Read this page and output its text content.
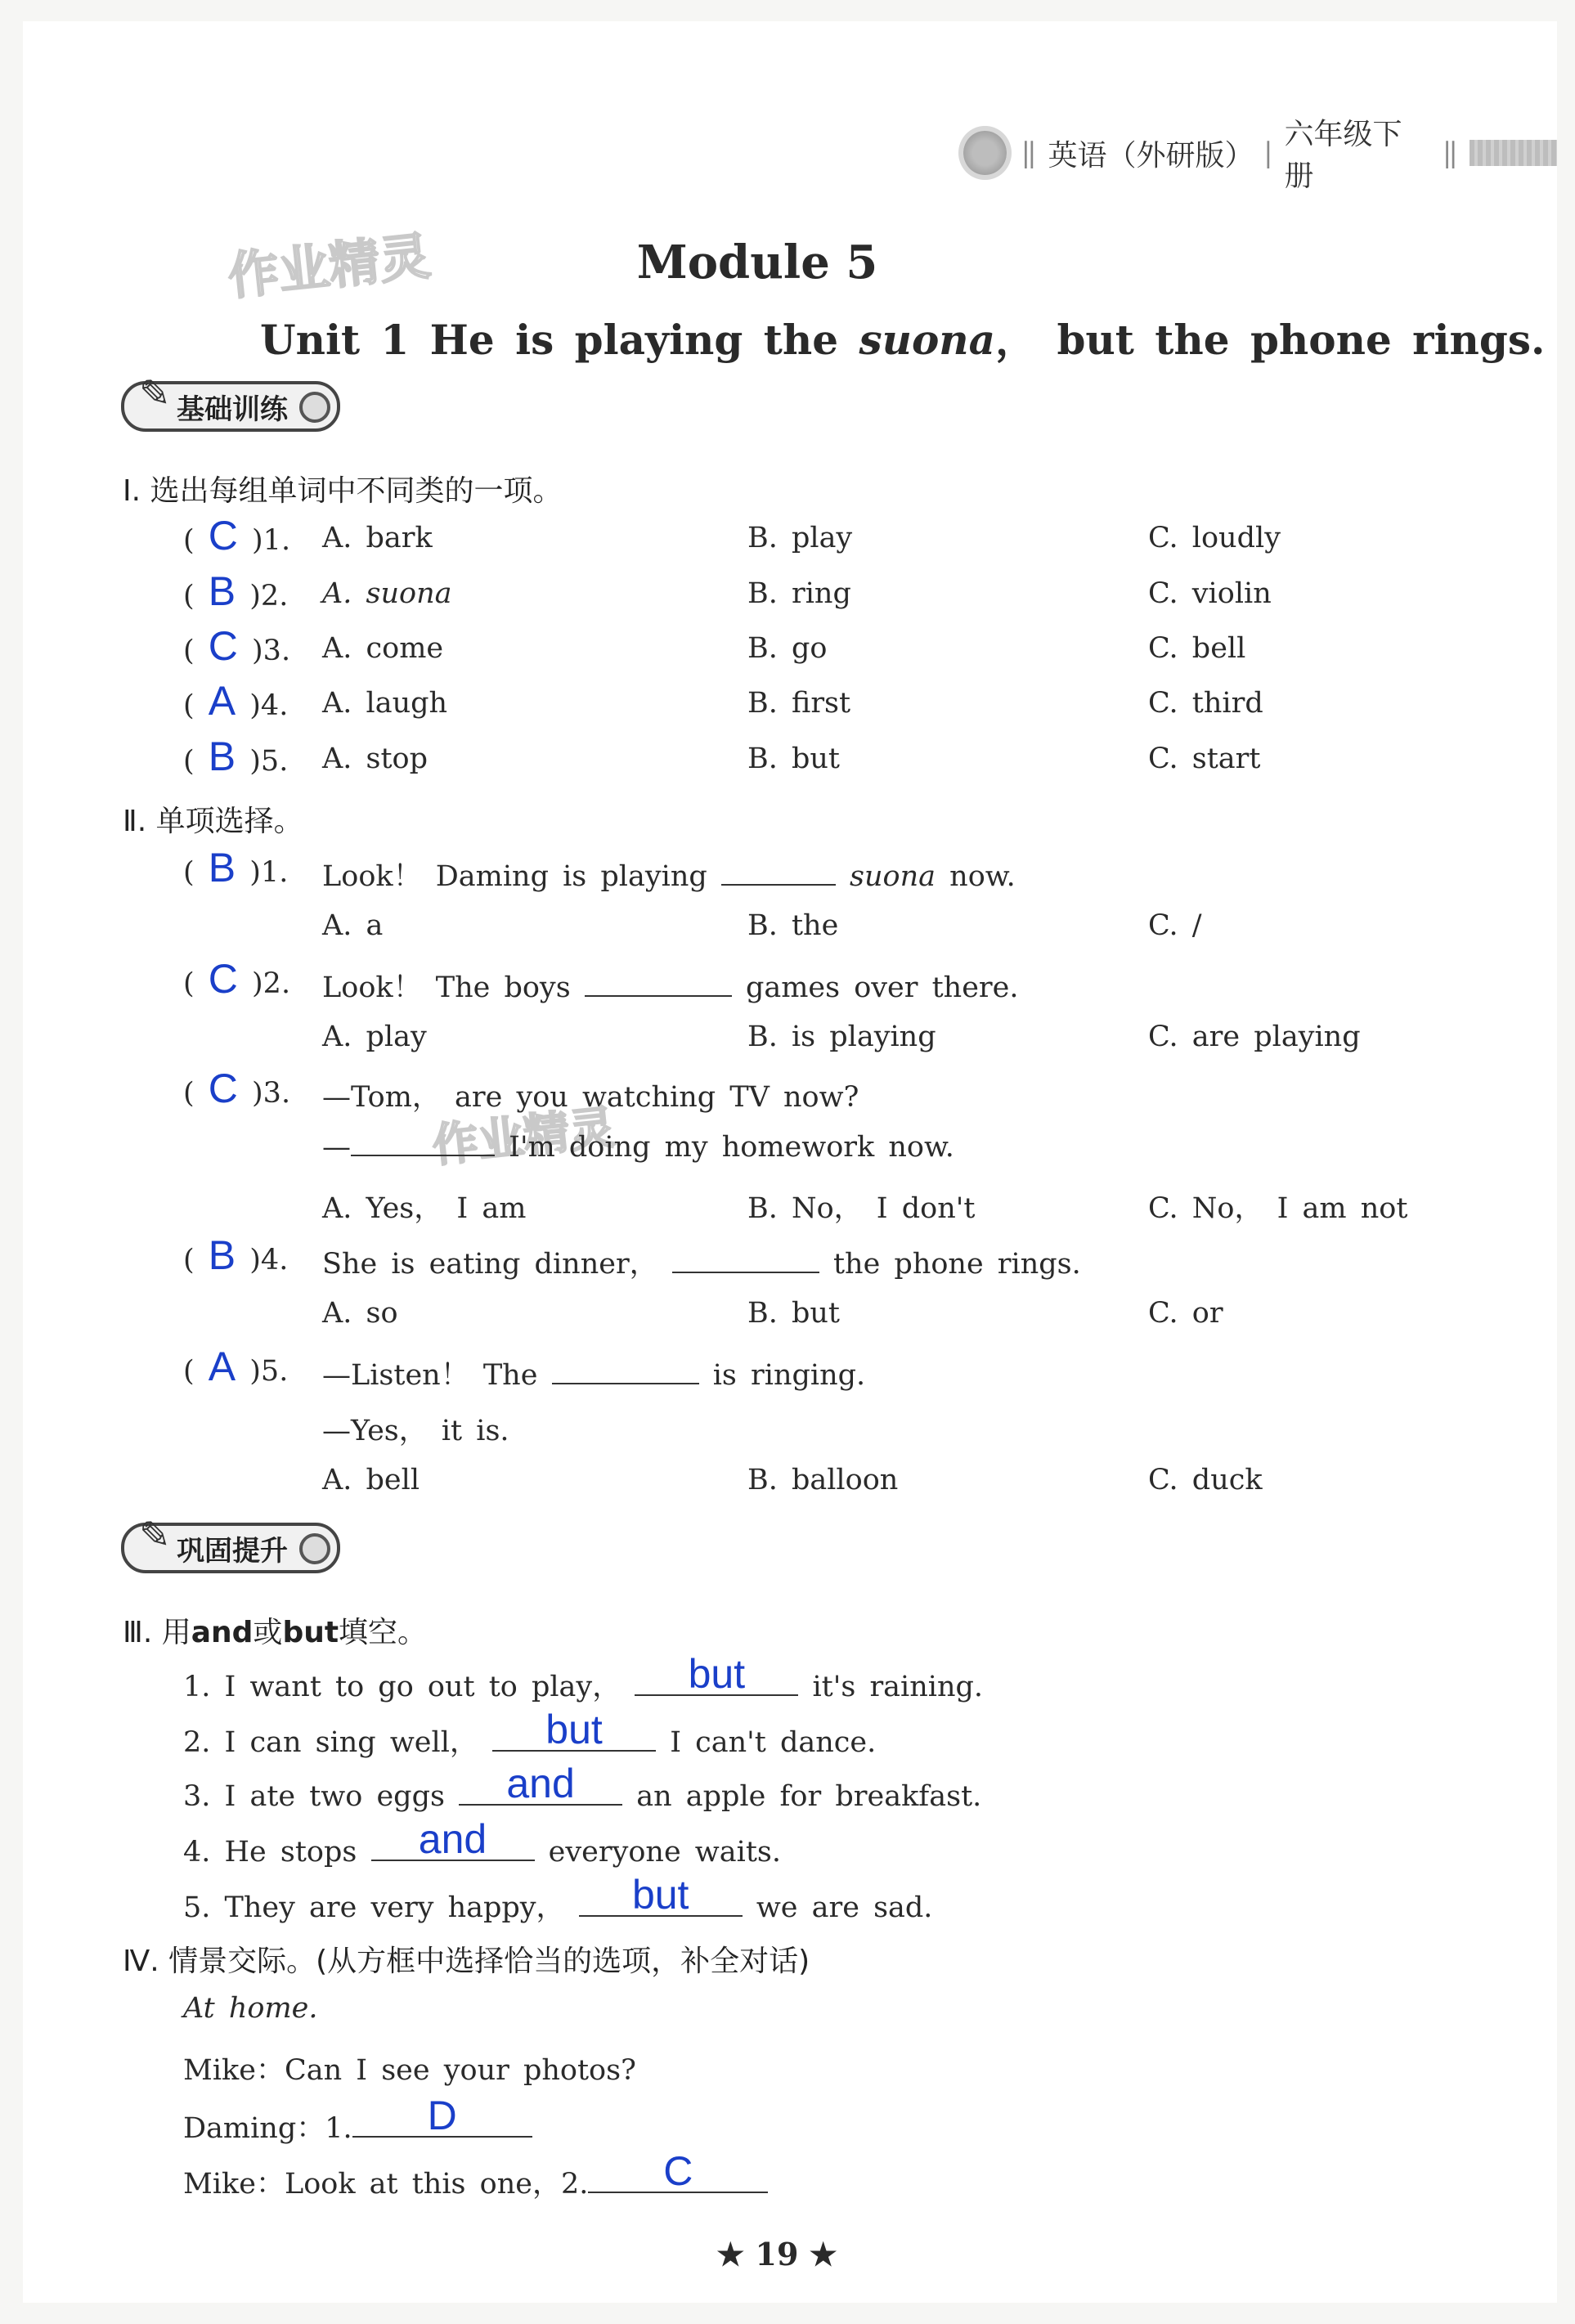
|| 英语（外研版） |
六年级下册
||
作业精灵	Module 5
Unit 1 He is playing the suona， but the phone rings.
✎ 基础训练
Ⅰ. 选出每组单词中不同类的一项。
( C )1. A. bark	B. play	C. loudly
( B )2. A. suona	B. ring	C. violin
( C )3. A. come	B. go	C. bell
( A )4. A. laugh	B. first	C. third
( B )5. A. stop	B. but	C. start
Ⅱ. 单项选择。
( B )1. Look！ Daming is playing	suona now.
A. a	B. the	C. /
( C )2. Look！ The boys	games over there.
A. play	B. is playing	C. are playing
( C )3. —Tom， are you watching TV now?
作业精灵
—	I'm doing my homework now.
A. Yes， I am	B. No， I don't	C. No， I am not
( B )4. She is eating dinner，	the phone rings.
A. so	B. but	C. or
( A )5. —Listen！ The	is ringing.
—Yes， it is.
A. bell	B. balloon	C. duck
✎ 巩固提升
Ⅲ. 用and或but填空。
1. I want to go out to play，	but	it's raining.
2. I can sing well，	but	I can't dance.
3. I ate two eggs	and	an apple for breakfast.
4. He stops	and	everyone waits.
5. They are very happy，	but	we are sad.
Ⅳ. 情景交际。(从方框中选择恰当的选项，补全对话)
At home.
Mike：Can I see your photos?
Daming：1.	D
Mike：Look at this one，2.	C
★ 19 ★
